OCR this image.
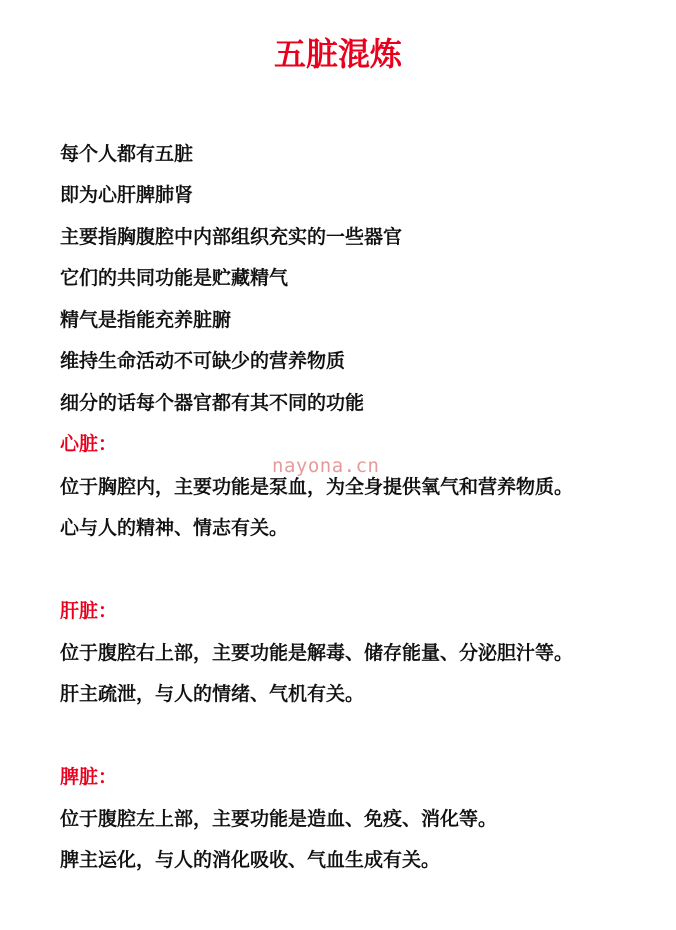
五脏混炼
每个人都有五脏
即为心肝脾肺肾
主要指胸腹腔中内部组织充实的一些器官
它们的共同功能是贮藏精气
精气是指能充养脏腑
维持生命活动不可缺少的营养物质
细分的话每个器官都有其不同的功能
心脏：
nayona.cn
位于胸腔内，主要功能是泵血，为全身提供氧气和营养物质。
心与人的精神、情志有关。
肝脏：
位于腹腔右上部，主要功能是解毒、储存能量、分泌胆汁等。
肝主疏泄，与人的情绪、气机有关。
脾脏：
位于腹腔左上部，主要功能是造血、免疫、消化等。
脾主运化，与人的消化吸收、气血生成有关。
